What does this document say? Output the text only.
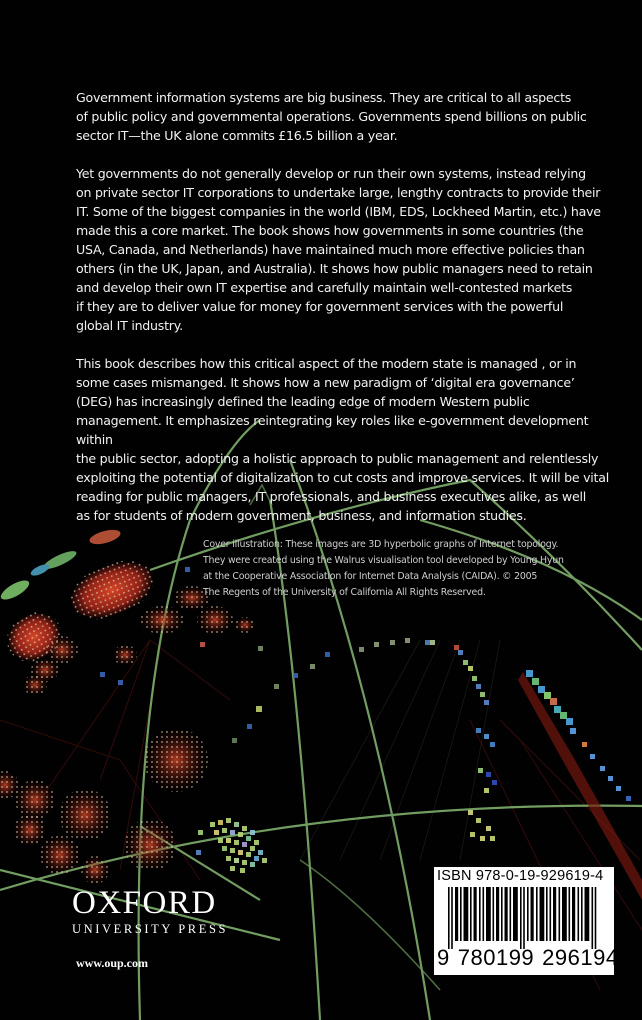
Government information systems are big business. They are critical to all aspects
of public policy and governmental operations. Governments spend billions on public
sector IT—the UK alone commits £16.5 billion a year.

Yet governments do not generally develop or run their own systems, instead relying
on private sector IT corporations to undertake large, lengthy contracts to provide their
IT. Some of the biggest companies in the world (IBM, EDS, Lockheed Martin, etc.) have
made this a core market. The book shows how governments in some countries (the
USA, Canada, and Netherlands) have maintained much more effective policies than
others (in the UK, Japan, and Australia). It shows how public managers need to retain
and develop their own IT expertise and carefully maintain well-contested markets
if they are to deliver value for money for government services with the powerful
global IT industry.

This book describes how this critical aspect of the modern state is managed , or in
some cases mismanged. It shows how a new paradigm of ‘digital era governance’
(DEG) has increasingly defined the leading edge of modern Western public
management. It emphasizes reintegrating key roles like e-government development
within
the public sector, adopting a holistic approach to public management and relentlessly
exploiting the potential of digitalization to cut costs and improve services. It will be vital
reading for public managers, IT professionals, and business executives alike, as well
as for students of modern government, business, and information studies.

Cover illustration: These images are 3D hyperbolic graphs of Internet topology.
They were created using the Walrus visualisation tool developed by Young Hyun
at the Cooperative Association for Internet Data Analysis (CAIDA). © 2005
The Regents of the University of California All Rights Reserved.
OXFORD
UNIVERSITY PRESS
www.oup.com
ISBN 978-0-19-929619-4
9 780199 296194
